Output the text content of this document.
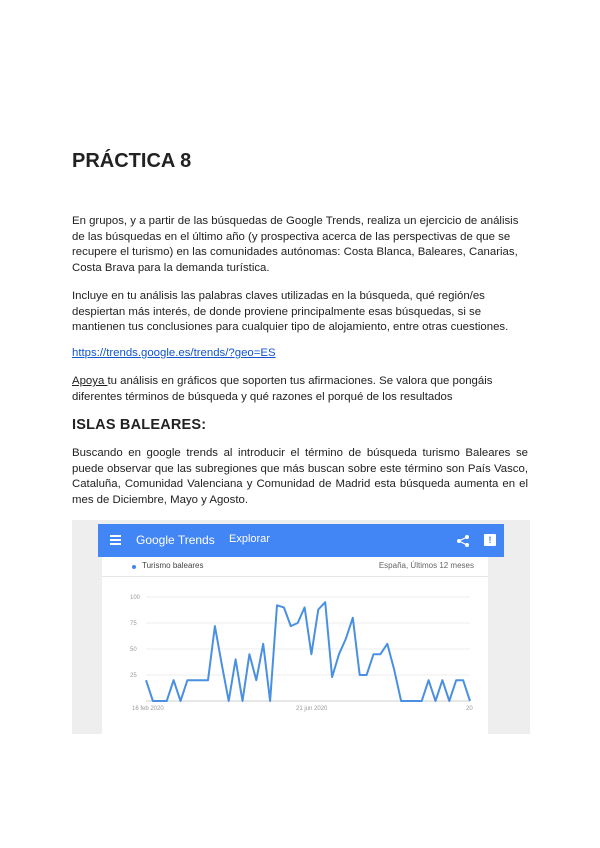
PRÁCTICA 8

En grupos, y a partir de las búsquedas de Google Trends, realiza un ejercicio de análisis de las búsquedas en el último año (y prospectiva acerca de las perspectivas de que se recupere el turismo) en las comunidades autónomas: Costa Blanca, Baleares, Canarias, Costa Brava para la demanda turística.

Incluye en tu análisis las palabras claves utilizadas en la búsqueda, qué región/es despiertan más interés, de donde proviene principalmente esas búsquedas, si se mantienen tus conclusiones para cualquier tipo de alojamiento, entre otras cuestiones.

https://trends.google.es/trends/?geo=ES

Apoya tu análisis en gráficos que soporten tus afirmaciones. Se valora que pongáis diferentes términos de búsqueda y qué razones el porqué de los resultados

ISLAS BALEARES:

Buscando en google trends al introducir el término de búsqueda turismo Baleares se puede observar que las subregiones que más buscan sobre este término son País Vasco, Cataluña, Comunidad Valenciana y Comunidad de Madrid esta búsqueda aumenta en el mes de Diciembre, Mayo y Agosto.

Google Trends Explorar	!
Turismo baleares	España, Últimos 12 meses
25
50
75
100
16 feb 2020	21 jun 2020	20
